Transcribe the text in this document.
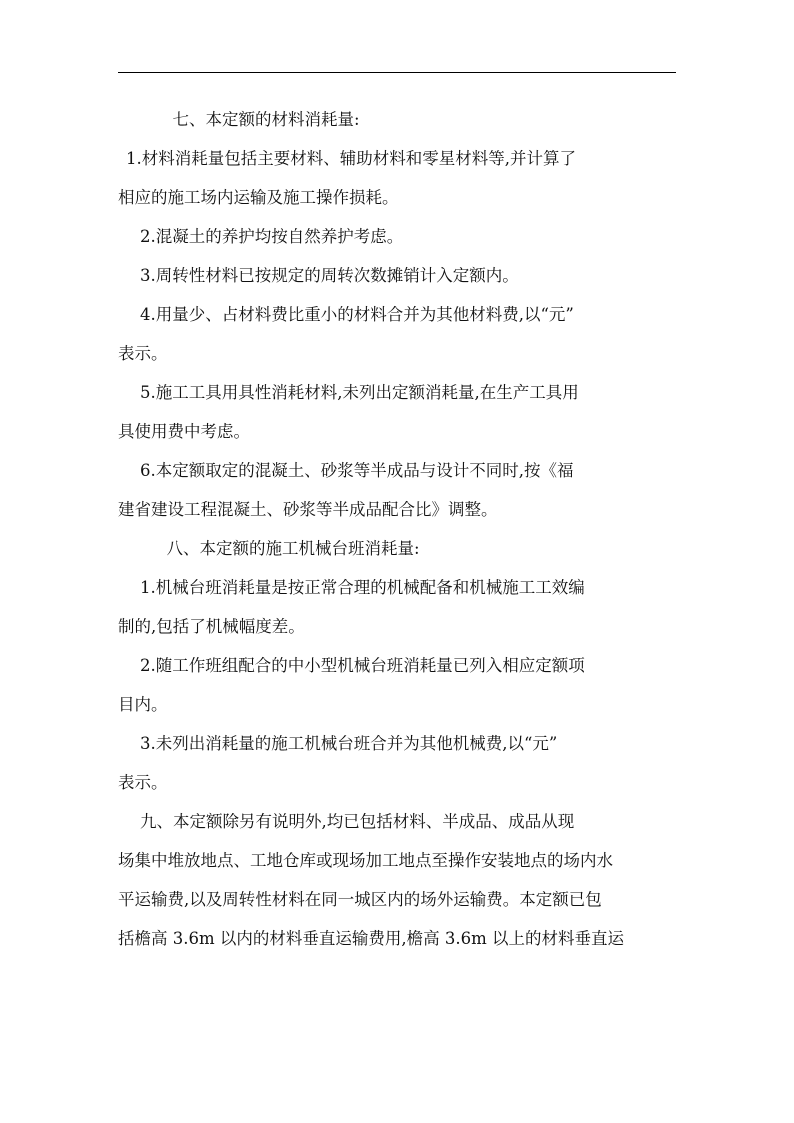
七、本定额的材料消耗量:

1.材料消耗量包括主要材料、辅助材料和零星材料等,并计算了
相应的施工场内运输及施工操作损耗。

2.混凝土的养护均按自然养护考虑。

3.周转性材料已按规定的周转次数摊销计入定额内。

4.用量少、占材料费比重小的材料合并为其他材料费,以“元”
表示。

5.施工工具用具性消耗材料,未列出定额消耗量,在生产工具用
具使用费中考虑。

6.本定额取定的混凝土、砂浆等半成品与设计不同时,按《福
建省建设工程混凝土、砂浆等半成品配合比》调整。

八、本定额的施工机械台班消耗量:

1.机械台班消耗量是按正常合理的机械配备和机械施工工效编
制的,包括了机械幅度差。

2.随工作班组配合的中小型机械台班消耗量已列入相应定额项
目内。

3.未列出消耗量的施工机械台班合并为其他机械费,以“元”
表示。

九、本定额除另有说明外,均已包括材料、半成品、成品从现
场集中堆放地点、工地仓库或现场加工地点至操作安装地点的场内水
平运输费,以及周转性材料在同一城区内的场外运输费。本定额已包
括檐高 3.6m 以内的材料垂直运输费用,檐高 3.6m 以上的材料垂直运
